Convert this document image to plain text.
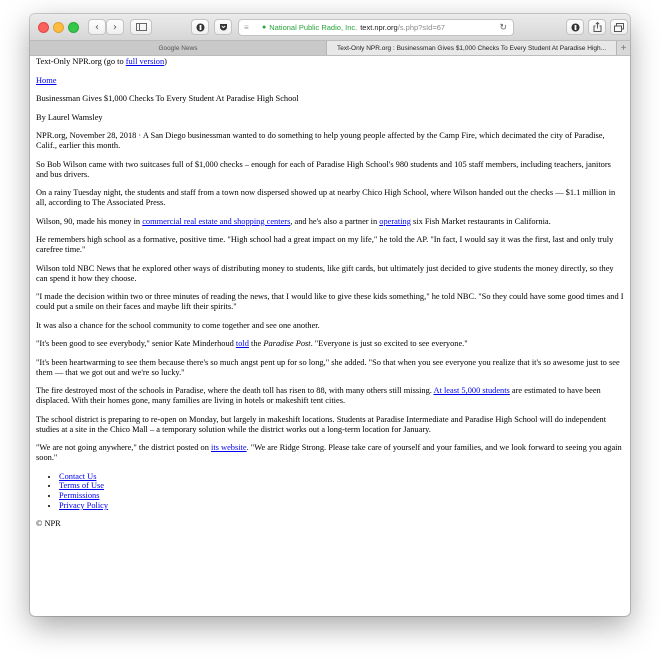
‹ ›	≡	● National Public Radio, Inc. text.npr.org /s.php?sId=67	↻
Google News	Text-Only NPR.org : Businessman Gives $1,000 Checks To Every Student At Paradise High... +

Text-Only NPR.org (go to full version)

Home

Businessman Gives $1,000 Checks To Every Student At Paradise High School

By Laurel Wamsley

NPR.org, November 28, 2018 · A San Diego businessman wanted to do something to help young people affected by the Camp Fire, which decimated the city of Paradise, Calif., earlier this month.

So Bob Wilson came with two suitcases full of $1,000 checks – enough for each of Paradise High School's 980 students and 105 staff members, including teachers, janitors and bus drivers.

On a rainy Tuesday night, the students and staff from a town now dispersed showed up at nearby Chico High School, where Wilson handed out the checks — $1.1 million in all, according to The Associated Press.

Wilson, 90, made his money in commercial real estate and shopping centers, and he's also a partner in operating six Fish Market restaurants in California.

He remembers high school as a formative, positive time. "High school had a great impact on my life," he told the AP. "In fact, I would say it was the first, last and only truly carefree time."

Wilson told NBC News that he explored other ways of distributing money to students, like gift cards, but ultimately just decided to give students the money directly, so they can spend it how they choose.

"I made the decision within two or three minutes of reading the news, that I would like to give these kids something," he told NBC. "So they could have some good times and I could put a smile on their faces and maybe lift their spirits."

It was also a chance for the school community to come together and see one another.

"It's been good to see everybody," senior Kate Minderhoud told the Paradise Post. "Everyone is just so excited to see everyone."

"It's been heartwarming to see them because there's so much angst pent up for so long," she added. "So that when you see everyone you realize that it's so awesome just to see them — that we got out and we're so lucky."

The fire destroyed most of the schools in Paradise, where the death toll has risen to 88, with many others still missing. At least 5,000 students are estimated to have been displaced. With their homes gone, many families are living in hotels or makeshift tent cities.

The school district is preparing to re-open on Monday, but largely in makeshift locations. Students at Paradise Intermediate and Paradise High School will do independent studies at a site in the Chico Mall – a temporary solution while the district works out a long-term location for January.

"We are not going anywhere," the district posted on its website. "We are Ridge Strong. Please take care of yourself and your families, and we look forward to seeing you again soon."

• Contact Us
• Terms of Use
• Permissions
• Privacy Policy

© NPR
